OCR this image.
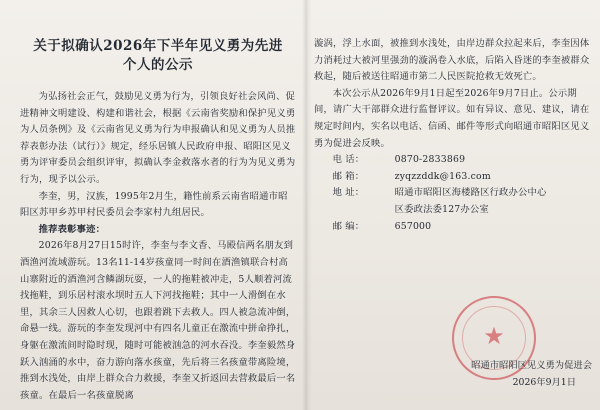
关于拟确认2026年下半年见义勇为先进
个人的公示

为弘扬社会正气，鼓励见义勇为行为，引领良好社会风尚、促进精神文明建设、构建和谐社会，根据《云南省奖励和保护见义勇为人员条例》及《云南省见义勇为行为申报确认和见义勇为人员推荐表彰办法（试行）》规定，经乐居镇人民政府申报、昭阳区见义勇为评审委员会组织评审，拟确认李金救落水者的行为为见义勇为行为，现予以公示。

李奎，男，汉族，1995年2月生，籍性前系云南省昭通市昭阳区苏甲乡苏甲村民委员会李家村九组居民。

推荐表彰事迹：

2026年8月27日15时许，李奎与李文香、马殿信两名朋友到酒渔河流域游玩。13名11-14岁孩童同一时间在酒渔镇联合村高山寨附近的酒渔河含鳞湖玩耍，一人的拖鞋被冲走，5人顺着河流找拖鞋，到乐居村滚水坝时五人下河找拖鞋；其中一人滑倒在水里，其余三人因救人心切，也跟着跳下去救人。四人被急流冲倒，命悬一线。游玩的李奎发现河中有四名儿童正在激流中拼命挣扎，身躯在激流间时隐时现，随时可能被汹急的河水吞没。李奎毅然身跃入汹涌的水中，奋力游向落水孩童，先后将三名孩童带离险境，推到水浅处，由岸上群众合力救援，李奎又折返回去营救最后一名孩童。在最后一名孩童脱离

漩涡，浮上水面，被推到水浅处，由岸边群众拉起来后，李奎因体力消耗过大被河里强劲的漩涡卷入水底，后陷入昏迷的李奎被群众救起，随后被送往昭通市第二人民医院抢救无效死亡。

本次公示从2026年9月1日起至2026年9月7日止。公示期间，请广大干部群众进行监督评议。如有异议、意见、建议，请在规定时间内，实名以电话、信函、邮件等形式向昭通市昭阳区见义勇为促进会反映。

电 话：	0870-2833869
邮 箱：	zyqzzddk@163.com
地 址：	昭通市昭阳区海楼路区行政办公中心区委政法委127办公室
邮 编：	657000
★
昭通市昭阳区见义勇为促进会
2026年9月1日
